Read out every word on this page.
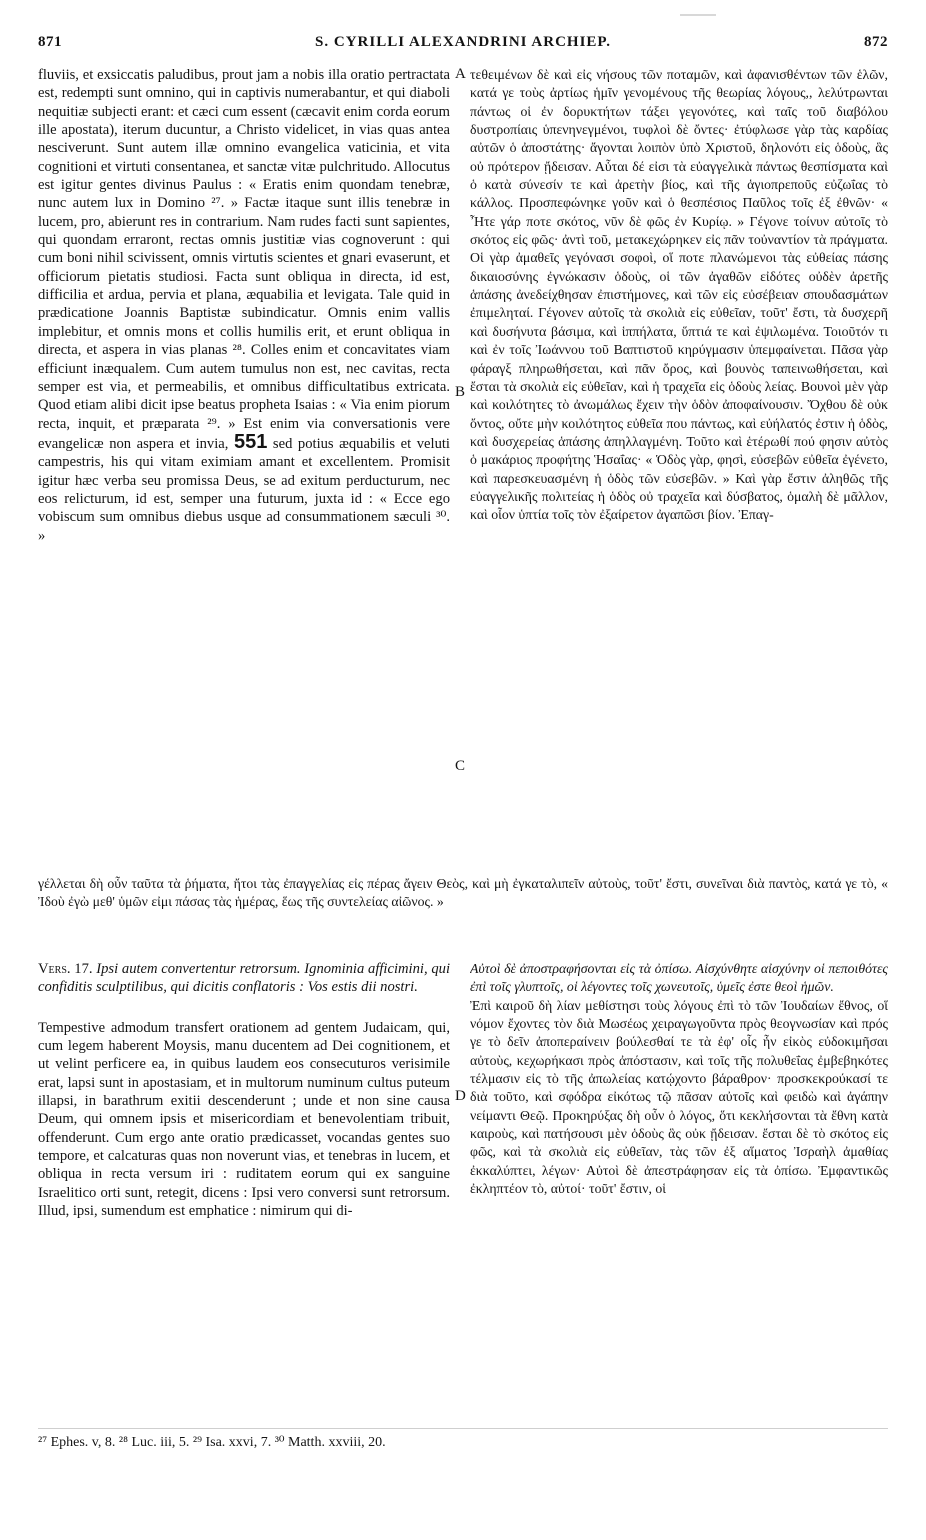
871	S. CYRILLI ALEXANDRINI ARCHIEP.	872

fluviis, et exsiccatis paludibus, prout jam a nobis illa oratio pertractata est, redempti sunt omnino, qui in captivis numerabantur, et qui diaboli nequitiæ subjecti erant: et cæci cum essent (cæcavit enim corda eorum ille apostata), iterum ducuntur, a Christo videlicet, in vias quas antea nesciverunt. Sunt autem illæ omnino evangelica vaticinia, et vita cognitioni et virtuti consentanea, et sanctæ vitæ pulchritudo. Allocutus est igitur gentes divinus Paulus : « Eratis enim quondam tenebræ, nunc autem lux in Domino ²⁷. » Factæ itaque sunt illis tenebræ in lucem, pro, abierunt res in contrarium. Nam rudes facti sunt sapientes, qui quondam erraront, rectas omnis justitiæ vias cognoverunt : qui cum boni nihil scivissent, omnis virtutis scientes et gnari evaserunt, et officiorum pietatis studiosi. Facta sunt obliqua in directa, id est, difficilia et ardua, pervia et plana, æquabilia et levigata. Tale quid in prædicatione Joannis Baptistæ subindicatur. Omnis enim vallis implebitur, et omnis mons et collis humilis erit, et erunt obliqua in directa, et aspera in vias planas ²⁸. Colles enim et concavitates viam efficiunt inæqualem. Cum autem tumulus non est, nec cavitas, recta semper est via, et permeabilis, et omnibus difficultatibus extricata. Quod etiam alibi dicit ipse beatus propheta Isaias : « Via enim piorum recta, inquit, et præparata ²⁹. » Est enim via conversationis vere evangelicæ non aspera et invia, 551 sed potius æquabilis et veluti campestris, his qui vitam eximiam amant et excellentem. Promisit igitur hæc verba seu promissa Deus, se ad exitum perducturum, nec eos relicturum, id est, semper una futurum, juxta id : « Ecce ego vobiscum sum omnibus diebus usque ad consummationem sæculi ³⁰. »

A
B
C
D

τεθειμένων δὲ καὶ εἰς νήσους τῶν ποταμῶν, καὶ ἀφανισθέντων τῶν ἑλῶν, κατά γε τοὺς ἀρτίως ἡμῖν γενομένους τῆς θεωρίας λόγους,, λελύτρωνται πάντως οἱ ἐν δορυκτήτων τάξει γεγονότες, καὶ ταῖς τοῦ διαβόλου δυστροπίαις ὑπενηνεγμένοι, τυφλοὶ δὲ ὄντες· ἐτύφλωσε γὰρ τὰς καρδίας αὐτῶν ὁ ἀποστάτης· ἄγονται λοιπὸν ὑπὸ Χριστοῦ, δηλονότι εἰς ὁδοὺς, ἃς οὐ πρότερον ᾔδεισαν. Αὗται δέ εἰσι τὰ εὐαγγελικὰ πάντως θεσπίσματα καὶ ὁ κατὰ σύνεσίν τε καὶ ἀρετὴν βίος, καὶ τῆς ἁγιοπρεποῦς εὐζωΐας τὸ κάλλος. Προσπεφώνηκε γοῦν καὶ ὁ θεσπέσιος Παῦλος τοῖς ἐξ ἐθνῶν· « Ἦτε γάρ ποτε σκότος, νῦν δὲ φῶς ἐν Κυρίῳ. » Γέγονε τοίνυν αὐτοῖς τὸ σκότος εἰς φῶς· ἀντὶ τοῦ, μετακεχώρηκεν εἰς πᾶν τοὐναντίον τὰ πράγματα. Οἱ γὰρ ἀμαθεῖς γεγόνασι σοφοὶ, οἵ ποτε πλανώμενοι τὰς εὐθείας πάσης δικαιοσύνης ἐγνώκασιν ὁδοὺς, οἱ τῶν ἀγαθῶν εἰδότες οὐδὲν ἀρετῆς ἁπάσης ἀνεδείχθησαν ἐπιστήμονες, καὶ τῶν εἰς εὐσέβειαν σπουδασμάτων ἐπιμεληταί. Γέγονεν αὐτοῖς τὰ σκολιὰ εἰς εὐθεῖαν, τοῦτ' ἔστι, τὰ δυσχερῆ καὶ δυσήνυτα βάσιμα, καὶ ἱππήλατα, ὕπτιά τε καὶ ἐψιλωμένα. Τοιοῦτόν τι καὶ ἐν τοῖς Ἰωάννου τοῦ Βαπτιστοῦ κηρύγμασιν ὑπεμφαίνεται. Πᾶσα γὰρ φάραγξ πληρωθήσεται, καὶ πᾶν ὄρος, καὶ βουνὸς ταπεινωθήσεται, καὶ ἔσται τὰ σκολιὰ εἰς εὐθεῖαν, καὶ ἡ τραχεῖα εἰς ὁδοὺς λείας. Βουνοὶ μὲν γὰρ καὶ κοιλότητες τὸ ἀνωμάλως ἔχειν τὴν ὁδὸν ἀποφαίνουσιν. Ὄχθου δὲ οὐκ ὄντος, οὔτε μὴν κοιλότητος εὐθεῖα που πάντως, καὶ εὐήλατός ἐστιν ἡ ὁδὸς, καὶ δυσχερείας ἁπάσης ἀπηλλαγμένη. Τοῦτο καὶ ἑτέρωθί πού φησιν αὐτὸς ὁ μακάριος προφήτης Ἡσαΐας· « Ὁδὸς γὰρ, φησὶ, εὐσεβῶν εὐθεῖα ἐγένετο, καὶ παρεσκευασμένη ἡ ὁδὸς τῶν εὐσεβῶν. » Καὶ γὰρ ἔστιν ἀληθῶς τῆς εὐαγγελικῆς πολιτείας ἡ ὁδὸς οὐ τραχεῖα καὶ δύσβατος, ὁμαλὴ δὲ μᾶλλον, καὶ οἷον ὑπτία τοῖς τὸν ἐξαίρετον ἀγαπῶσι βίον. Ἐπαγ-

γέλλεται δὴ οὖν ταῦτα τὰ ῥήματα, ἤτοι τὰς ἐπαγγελίας εἰς πέρας ἄγειν Θεὸς, καὶ μὴ ἐγκαταλιπεῖν αὐτοὺς, τοῦτ' ἔστι, συνεῖναι διὰ παντὸς, κατά γε τὸ, « Ἰδοὺ ἐγὼ μεθ' ὑμῶν εἰμι πάσας τὰς ἡμέρας, ἕως τῆς συντελείας αἰῶνος. »

Vers. 17. Ipsi autem convertentur retrorsum. Ignominia afficimini, qui confiditis sculptilibus, qui dicitis conflatoris : Vos estis dii nostri.

Tempestive admodum transfert orationem ad gentem Judaicam, qui, cum legem haberent Moysis, manu ducentem ad Dei cognitionem, et ut velint perficere ea, in quibus laudem eos consecuturos verisimile erat, lapsi sunt in apostasiam, et in multorum numinum cultus puteum illapsi, in barathrum exitii descenderunt ; unde et non sine causa Deum, qui omnem ipsis et misericordiam et benevolentiam tribuit, offenderunt. Cum ergo ante oratio prædicasset, vocandas gentes suo tempore, et calcaturas quas non noverunt vias, et tenebras in lucem, et obliqua in recta versum iri : ruditatem eorum qui ex sanguine Israelitico orti sunt, retegit, dicens : Ipsi vero conversi sunt retrorsum. Illud, ipsi, sumendum est emphatice : nimirum qui di-

Αὐτοὶ δὲ ἀποστραφήσονται εἰς τὰ ὀπίσω. Αἰσχύνθητε αἰσχύνην οἱ πεποιθότες ἐπὶ τοῖς γλυπτοῖς, οἱ λέγοντες τοῖς χωνευτοῖς, ὑμεῖς ἐστε θεοὶ ἡμῶν.

Ἐπὶ καιροῦ δὴ λίαν μεθίστησι τοὺς λόγους ἐπὶ τὸ τῶν Ἰουδαίων ἔθνος, οἵ νόμον ἔχοντες τὸν διὰ Μωσέως χειραγωγοῦντα πρὸς θεογνωσίαν καὶ πρός γε τὸ δεῖν ἀποπεραίνειν βούλεσθαί τε τὰ ἐφ' οἷς ἦν εἰκὸς εὐδοκιμῆσαι αὐτοὺς, κεχωρήκασι πρὸς ἀπόστασιν, καὶ τοῖς τῆς πολυθεΐας ἐμβεβηκότες τέλμασιν εἰς τὸ τῆς ἀπωλείας κατῴχοντο βάραθρον· προσκεκρούκασί τε διὰ τοῦτο, καὶ σφόδρα εἰκότως τῷ πᾶσαν αὐτοῖς καὶ φειδὼ καὶ ἀγάπην νείμαντι Θεῷ. Προκηρύξας δὴ οὖν ὁ λόγος, ὅτι κεκλήσονται τὰ ἔθνη κατὰ καιροὺς, καὶ πατήσουσι μὲν ὁδοὺς ἃς οὐκ ᾔδεισαν. ἔσται δὲ τὸ σκότος εἰς φῶς, καὶ τὰ σκολιὰ εἰς εὐθεῖαν, τὰς τῶν ἐξ αἵματος Ἰσραὴλ ἀμαθίας ἐκκαλύπτει, λέγων· Αὐτοὶ δὲ ἀπεστράφησαν εἰς τὰ ὀπίσω. Ἐμφαντικῶς ἐκληπτέον τὸ, αὐτοί· τοῦτ' ἔστιν, οἱ

²⁷ Ephes. v, 8. ²⁸ Luc. iii, 5. ²⁹ Isa. xxvi, 7. ³⁰ Matth. xxviii, 20.
